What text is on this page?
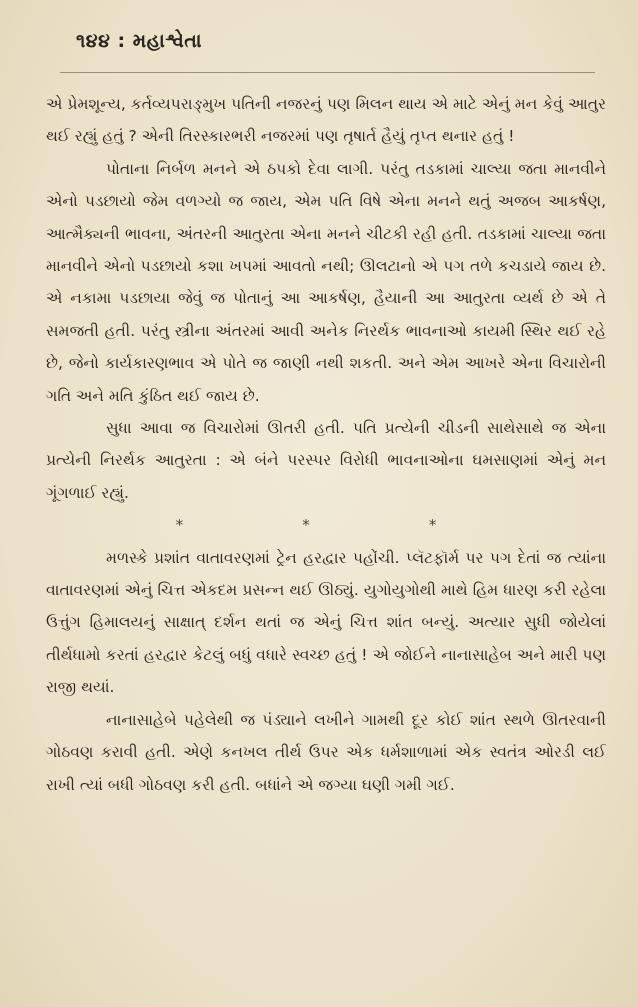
૧૪૪ : મહાશ્વેતા

એ પ્રેમશૂન્ય, કર્તવ્યપરાઙ્મુખ પતિની નજરનું પણ મિલન થાય એ માટે એનું મન કેવું આતુર થઈ રહ્યું હતું ? એની તિરસ્કારભરી નજરમાં પણ તૃષાર્ત હૈયું તૃપ્ત થનાર હતું !

પોતાના નિર્બળ મનને એ ઠપકો દેવા લાગી. પરંતુ તડકામાં ચાલ્યા જતા માનવીને એનો પડછાયો જેમ વળગ્યો જ જાય, એમ પતિ વિષે એના મનને થતું અજબ આકર્ષણ, આત્મૈક્યની ભાવના, અંતરની આતુરતા એના મનને ચીટકી રહી હતી. તડકામાં ચાલ્યા જતા માનવીને એનો પડછાયો કશા ખપમાં આવતો નથી; ઊલટાનો એ પગ તળે કચડાયે જાય છે. એ નકામા પડછાયા જેવું જ પોતાનું આ આકર્ષણ, હૈયાની આ આતુરતા વ્યર્થ છે એ તે સમજતી હતી. પરંતુ સ્ત્રીના અંતરમાં આવી અનેક નિરર્થક ભાવનાઓ કાયમી સ્થિર થઈ રહે છે, જેનો કાર્યકારણભાવ એ પોતે જ જાણી નથી શકતી. અને એમ આખરે એના વિચારોની ગતિ અને મતિ કુંઠિત થઈ જાય છે.

સુધા આવા જ વિચારોમાં ઊતરી હતી. પતિ પ્રત્યેની ચીડની સાથેસાથે જ એના પ્રત્યેની નિરર્થક આતુરતા : એ બંને પરસ્પર વિરોધી ભાવનાઓના ઘમસાણમાં એનું મન ગૂંગળાઈ રહ્યું.

*	*	*

મળસ્કે પ્રશાંત વાતાવરણમાં ટ્રેન હરદ્વાર પહોંચી. પ્લૅટફૉર્મ પર પગ દેતાં જ ત્યાંના વાતાવરણમાં એનું ચિત્ત એકદમ પ્રસન્ન થઈ ઊઠ્યું. યુગોયુગોથી માથે હિમ ધારણ કરી રહેલા ઉત્તુંગ હિમાલયનું સાક્ષાત્ દર્શન થતાં જ એનું ચિત્ત શાંત બન્યું. અત્યાર સુધી જોયેલાં તીર્થધામો કરતાં હરદ્વાર કેટલું બધું વધારે સ્વચ્છ હતું ! એ જોઈને નાનાસાહેબ અને મારી પણ રાજી થયાં.

નાનાસાહેબે પહેલેથી જ પંડ્યાને લખીને ગામથી દૂર કોઈ શાંત સ્થળે ઊતરવાની ગોઠવણ કરાવી હતી. એણે કનખલ તીર્થ ઉપર એક ધર્મશાળામાં એક સ્વતંત્ર ઓરડી લઈ રાખી ત્યાં બધી ગોઠવણ કરી હતી. બધાંને એ જગ્યા ઘણી ગમી ગઈ.
